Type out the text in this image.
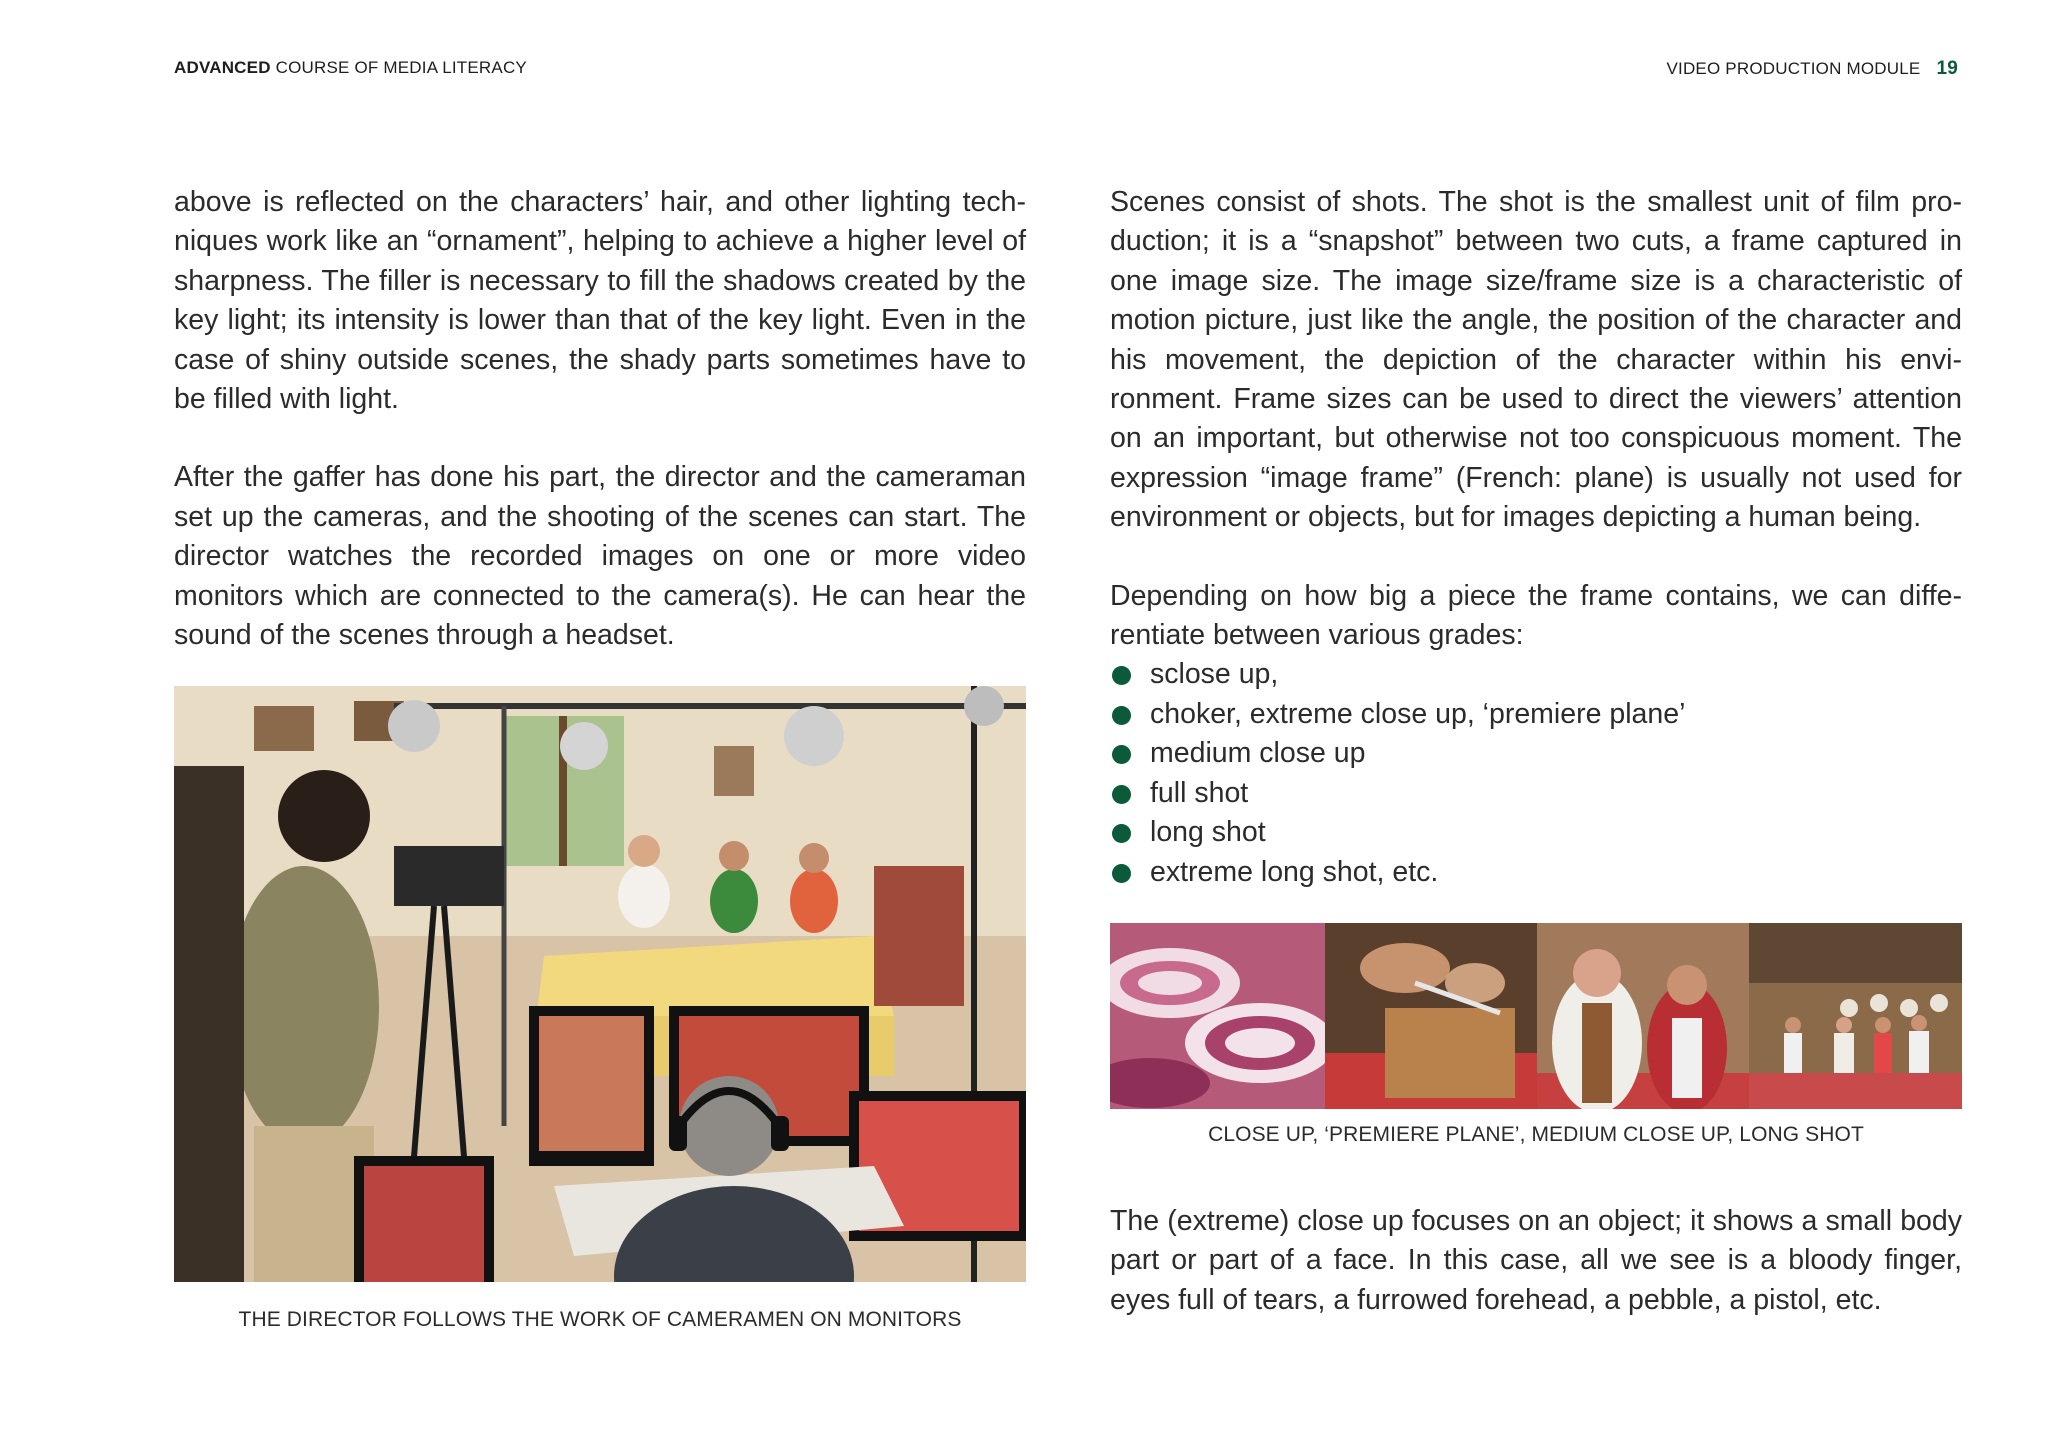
ADVANCED COURSE OF MEDIA LITERACY	VIDEO PRODUCTION MODULE 19

above is reflected on the characters’ hair, and other lighting techniques work like an “ornament”, helping to achieve a higher level of sharpness. The filler is necessary to fill the shadows created by the key light; its intensity is lower than that of the key light. Even in the case of shiny outside scenes, the shady parts sometimes have to be filled with light.

After the gaffer has done his part, the director and the cameraman set up the cameras, and the shooting of the scenes can start. The director watches the recorded images on one or more video monitors which are connected to the camera(s). He can hear the sound of the scenes through a headset.

THE DIRECTOR FOLLOWS THE WORK OF CAMERAMEN ON MONITORS

Scenes consist of shots. The shot is the smallest unit of film production; it is a “snapshot” between two cuts, a frame captured in one image size. The image size/frame size is a characteristic of motion picture, just like the angle, the position of the character and his movement, the depiction of the character within his environment. Frame sizes can be used to direct the viewers’ attention on an important, but otherwise not too conspicuous moment. The expression “image frame” (French: plane) is usually not used for environment or objects, but for images depicting a human being.

Depending on how big a piece the frame contains, we can differentiate between various grades:

sclose up,
choker, extreme close up, ‘premiere plane’
medium close up
full shot
long shot
extreme long shot, etc.
CLOSE UP, ‘PREMIERE PLANE’, MEDIUM CLOSE UP, LONG SHOT

The (extreme) close up focuses on an object; it shows a small body part or part of a face. In this case, all we see is a bloody finger, eyes full of tears, a furrowed forehead, a pebble, a pistol, etc.
